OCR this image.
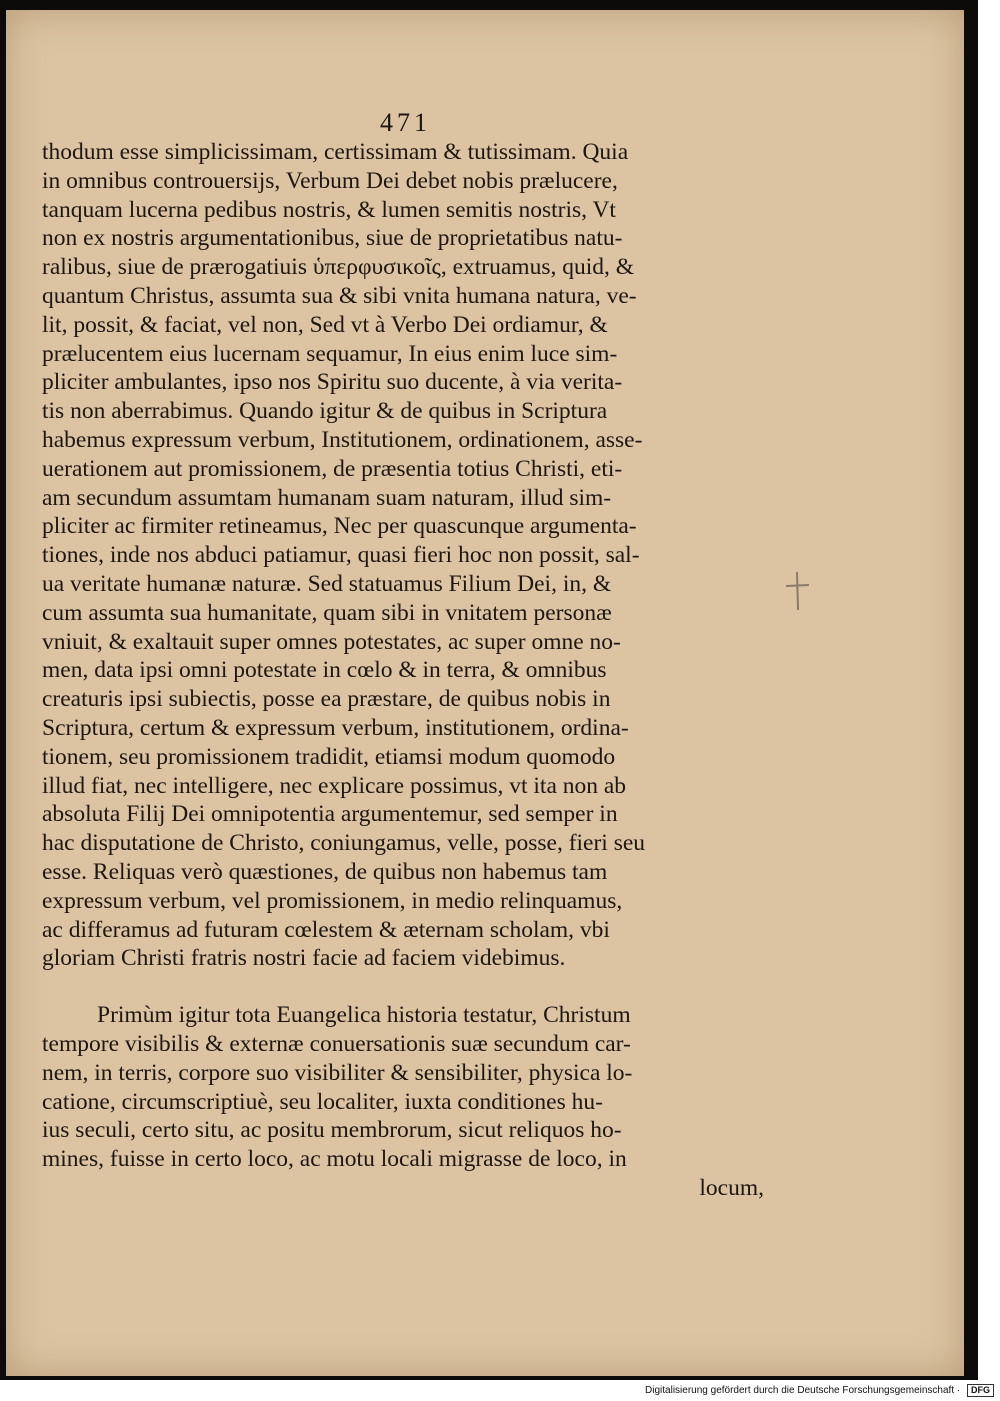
471
thodum esse simplicissimam, certissimam & tutissimam. Quia
in omnibus controuersijs, Verbum Dei debet nobis prælucere,
tanquam lucerna pedibus nostris, & lumen semitis nostris, Vt
non ex nostris argumentationibus, siue de proprietatibus natu-
ralibus, siue de prærogatiuis ὑπερφυσικοῖς, extruamus, quid, &
quantum Christus, assumta sua & sibi vnita humana natura, ve-
lit, possit, & faciat, vel non, Sed vt à Verbo Dei ordiamur, &
prælucentem eius lucernam sequamur, In eius enim luce sim-
pliciter ambulantes, ipso nos Spiritu suo ducente, à via verita-
tis non aberrabimus. Quando igitur & de quibus in Scriptura
habemus expressum verbum, Institutionem, ordinationem, asse-
uerationem aut promissionem, de præsentia totius Christi, eti-
am secundum assumtam humanam suam naturam, illud sim-
pliciter ac firmiter retineamus, Nec per quascunque argumenta-
tiones, inde nos abduci patiamur, quasi fieri hoc non possit, sal-
ua veritate humanæ naturæ. Sed statuamus Filium Dei, in, &
cum assumta sua humanitate, quam sibi in vnitatem personæ
vniuit, & exaltauit super omnes potestates, ac super omne no-
men, data ipsi omni potestate in cœlo & in terra, & omnibus
creaturis ipsi subiectis, posse ea præstare, de quibus nobis in
Scriptura, certum & expressum verbum, institutionem, ordina-
tionem, seu promissionem tradidit, etiamsi modum quomodo
illud fiat, nec intelligere, nec explicare possimus, vt ita non ab
absoluta Filij Dei omnipotentia argumentemur, sed semper in
hac disputatione de Christo, coniungamus, velle, posse, fieri seu
esse. Reliquas verò quæstiones, de quibus non habemus tam
expressum verbum, vel promissionem, in medio relinquamus,
ac differamus ad futuram cœlestem & æternam scholam, vbi
gloriam Christi fratris nostri facie ad faciem videbimus.
Primùm igitur tota Euangelica historia testatur, Christum
tempore visibilis & externæ conuersationis suæ secundum car-
nem, in terris, corpore suo visibiliter & sensibiliter, physica lo-
catione, circumscriptiuè, seu localiter, iuxta conditiones hu-
ius seculi, certo situ, ac positu membrorum, sicut reliquos ho-
mines, fuisse in certo loco, ac motu locali migrasse de loco, in
locum,
Digitalisierung gefördert durch die Deutsche Forschungsgemeinschaft · DFG
